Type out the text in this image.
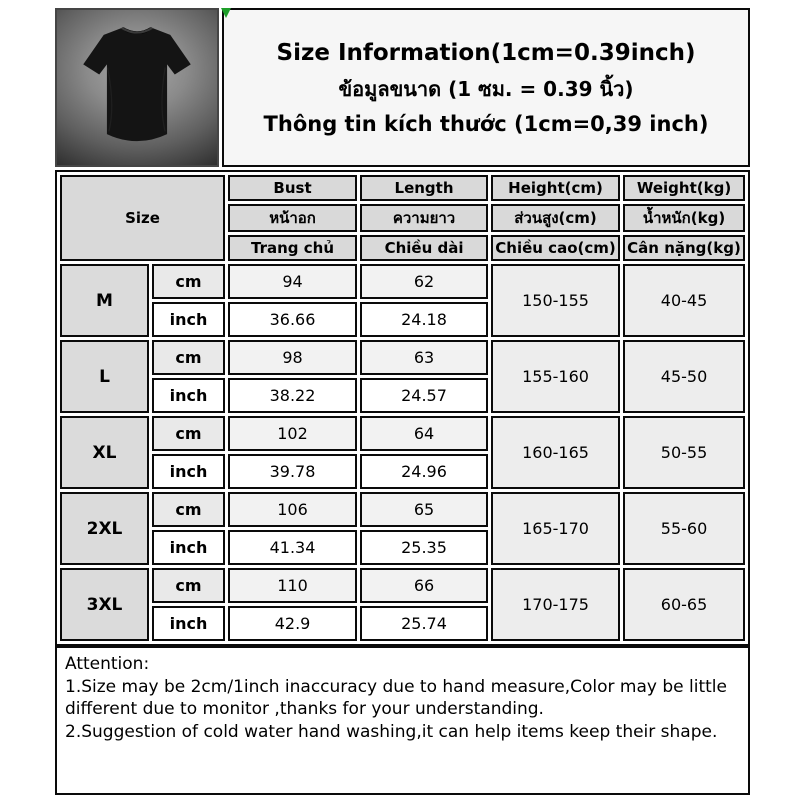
Size Information(1cm=0.39inch)
ข้อมูลขนาด (1 ซม. = 0.39 นิ้ว)
Thông tin kích thước (1cm=0,39 inch)
Size		Bust	Length	Height(cm)	Weight(kg)
		หน้าอก	ความยาว	ส่วนสูง(cm)	น้ำหนัก(kg)
		Trang chủ	Chiều dài	Chiều cao(cm)	Cân nặng(kg)
M	cm	94	62	150-155	40-45
	inch	36.66	24.18		
L	cm	98	63	155-160	45-50
	inch	38.22	24.57		
XL	cm	102	64	160-165	50-55
	inch	39.78	24.96		
2XL	cm	106	65	165-170	55-60
	inch	41.34	25.35		
3XL	cm	110	66	170-175	60-65
	inch	42.9	25.74		
Attention:
1.Size may be 2cm/1inch inaccuracy due to hand measure,Color may be little different due to monitor ,thanks for your understanding.
2.Suggestion of cold water hand washing,it can help items keep their shape.
